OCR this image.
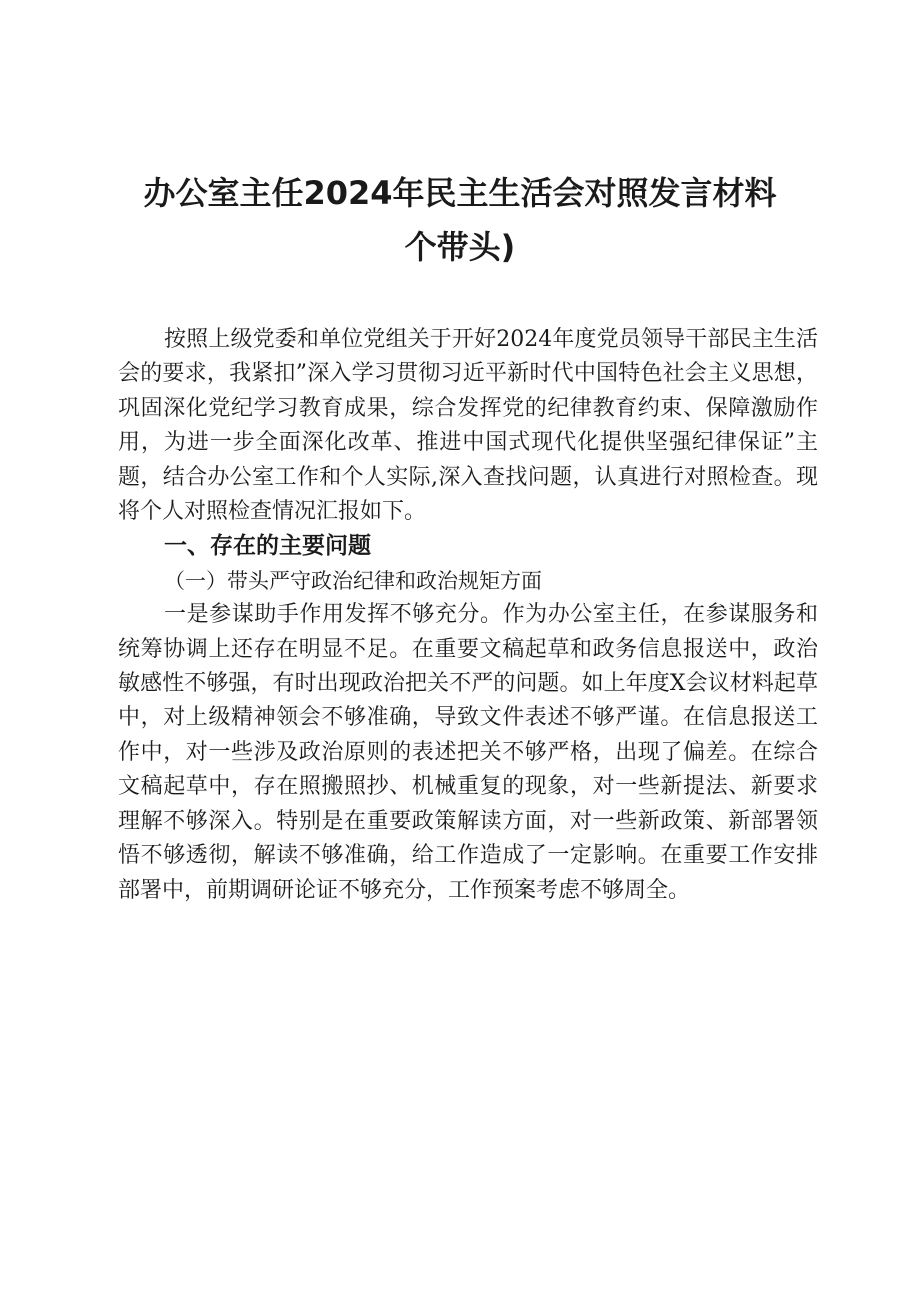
办公室主任2024年民主生活会对照发言材料
个带头)

按照上级党委和单位党组关于开好2024年度党员领导干部民主生活会的要求，我紧扣”深入学习贯彻习近平新时代中国特色社会主义思想，巩固深化党纪学习教育成果，综合发挥党的纪律教育约束、保障激励作用，为进一步全面深化改革、推进中国式现代化提供坚强纪律保证”主题，结合办公室工作和个人实际,深入查找问题，认真进行对照检查。现将个人对照检查情况汇报如下。

一、存在的主要问题

（一）带头严守政治纪律和政治规矩方面

一是参谋助手作用发挥不够充分。作为办公室主任，在参谋服务和统筹协调上还存在明显不足。在重要文稿起草和政务信息报送中，政治敏感性不够强，有时出现政治把关不严的问题。如上年度X会议材料起草中，对上级精神领会不够准确，导致文件表述不够严谨。在信息报送工作中，对一些涉及政治原则的表述把关不够严格，出现了偏差。在综合文稿起草中，存在照搬照抄、机械重复的现象，对一些新提法、新要求理解不够深入。特别是在重要政策解读方面，对一些新政策、新部署领悟不够透彻，解读不够准确，给工作造成了一定影响。在重要工作安排部署中，前期调研论证不够充分，工作预案考虑不够周全。
